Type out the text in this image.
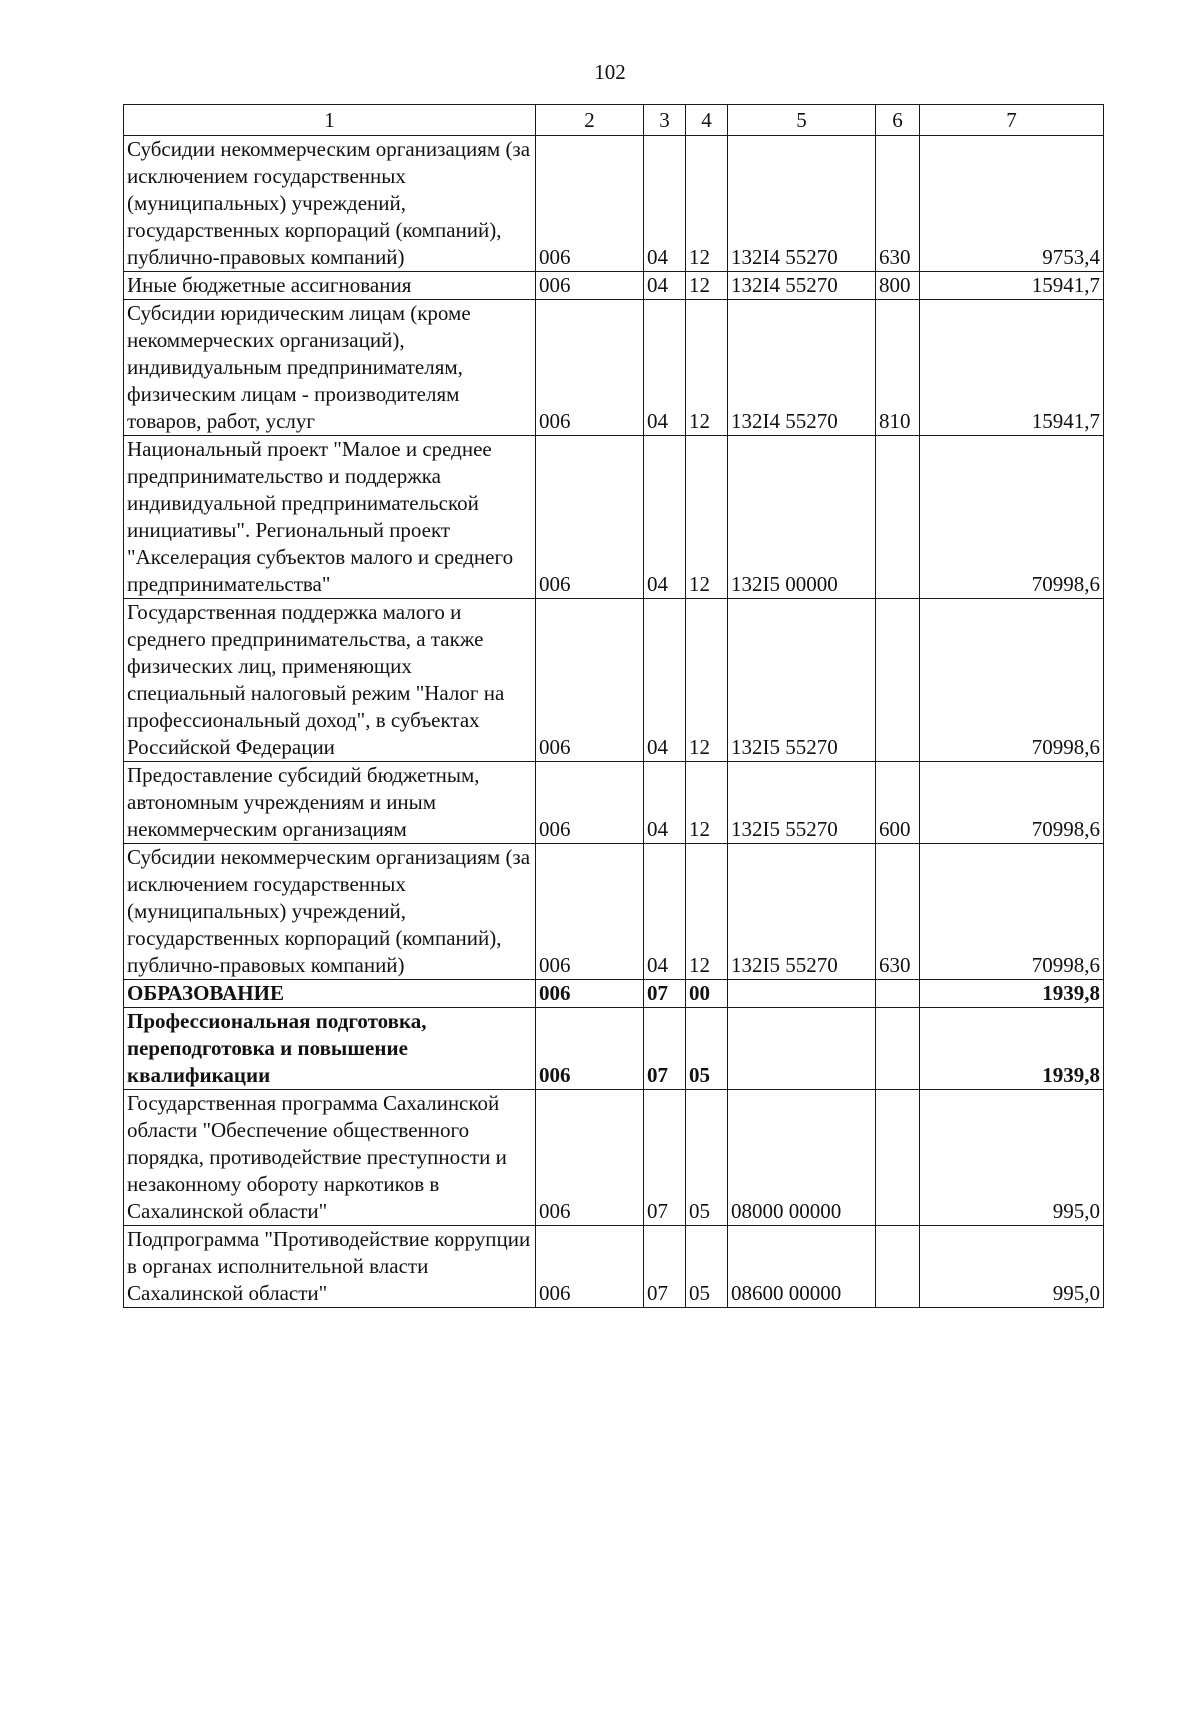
102
1	2	3	4	5	6	7
Субсидии некоммерческим организациям (за исключением государственных (муниципальных) учреждений, государственных корпораций (компаний), публично-правовых компаний)	006	04	12	132I4 55270	630	9753,4
Иные бюджетные ассигнования	006	04	12	132I4 55270	800	15941,7
Субсидии юридическим лицам (кроме некоммерческих организаций), индивидуальным предпринимателям, физическим лицам - производителям товаров, работ, услуг	006	04	12	132I4 55270	810	15941,7
Национальный проект "Малое и среднее предпринимательство и поддержка индивидуальной предпринимательской инициативы". Региональный проект "Акселерация субъектов малого и среднего предпринимательства"	006	04	12	132I5 00000		70998,6
Государственная поддержка малого и среднего предпринимательства, а также физических лиц, применяющих специальный налоговый режим "Налог на профессиональный доход", в субъектах Российской Федерации	006	04	12	132I5 55270		70998,6
Предоставление субсидий бюджетным, автономным учреждениям и иным некоммерческим организациям	006	04	12	132I5 55270	600	70998,6
Субсидии некоммерческим организациям (за исключением государственных (муниципальных) учреждений, государственных корпораций (компаний), публично-правовых компаний)	006	04	12	132I5 55270	630	70998,6
ОБРАЗОВАНИЕ	006	07	00			1939,8
Профессиональная подготовка, переподготовка и повышение квалификации	006	07	05			1939,8
Государственная программа Сахалинской области "Обеспечение общественного порядка, противодействие преступности и незаконному обороту наркотиков в Сахалинской области"	006	07	05	08000 00000		995,0
Подпрограмма "Противодействие коррупции в органах исполнительной власти Сахалинской области"	006	07	05	08600 00000		995,0
